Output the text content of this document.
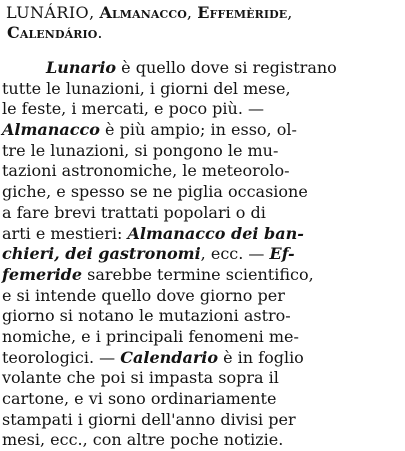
LUNÁRIO, Almanacco, Effemèride,
Calendário.
Lunario è quello dove si registrano
tutte le lunazioni, i giorni del mese,
le feste, i mercati, e poco più. —
Almanacco è più ampio; in esso, ol-
tre le lunazioni, si pongono le mu-
tazioni astronomiche, le meteorolo-
giche, e spesso se ne piglia occasione
a fare brevi trattati popolari o di
arti e mestieri: Almanacco dei ban-
chieri, dei gastronomi, ecc. — Ef-
femeride sarebbe termine scientifico,
e si intende quello dove giorno per
giorno si notano le mutazioni astro-
nomiche, e i principali fenomeni me-
teorologici. — Calendario è in foglio
volante che poi si impasta sopra il
cartone, e vi sono ordinariamente
stampati i giorni dell'anno divisi per
mesi, ecc., con altre poche notizie.
